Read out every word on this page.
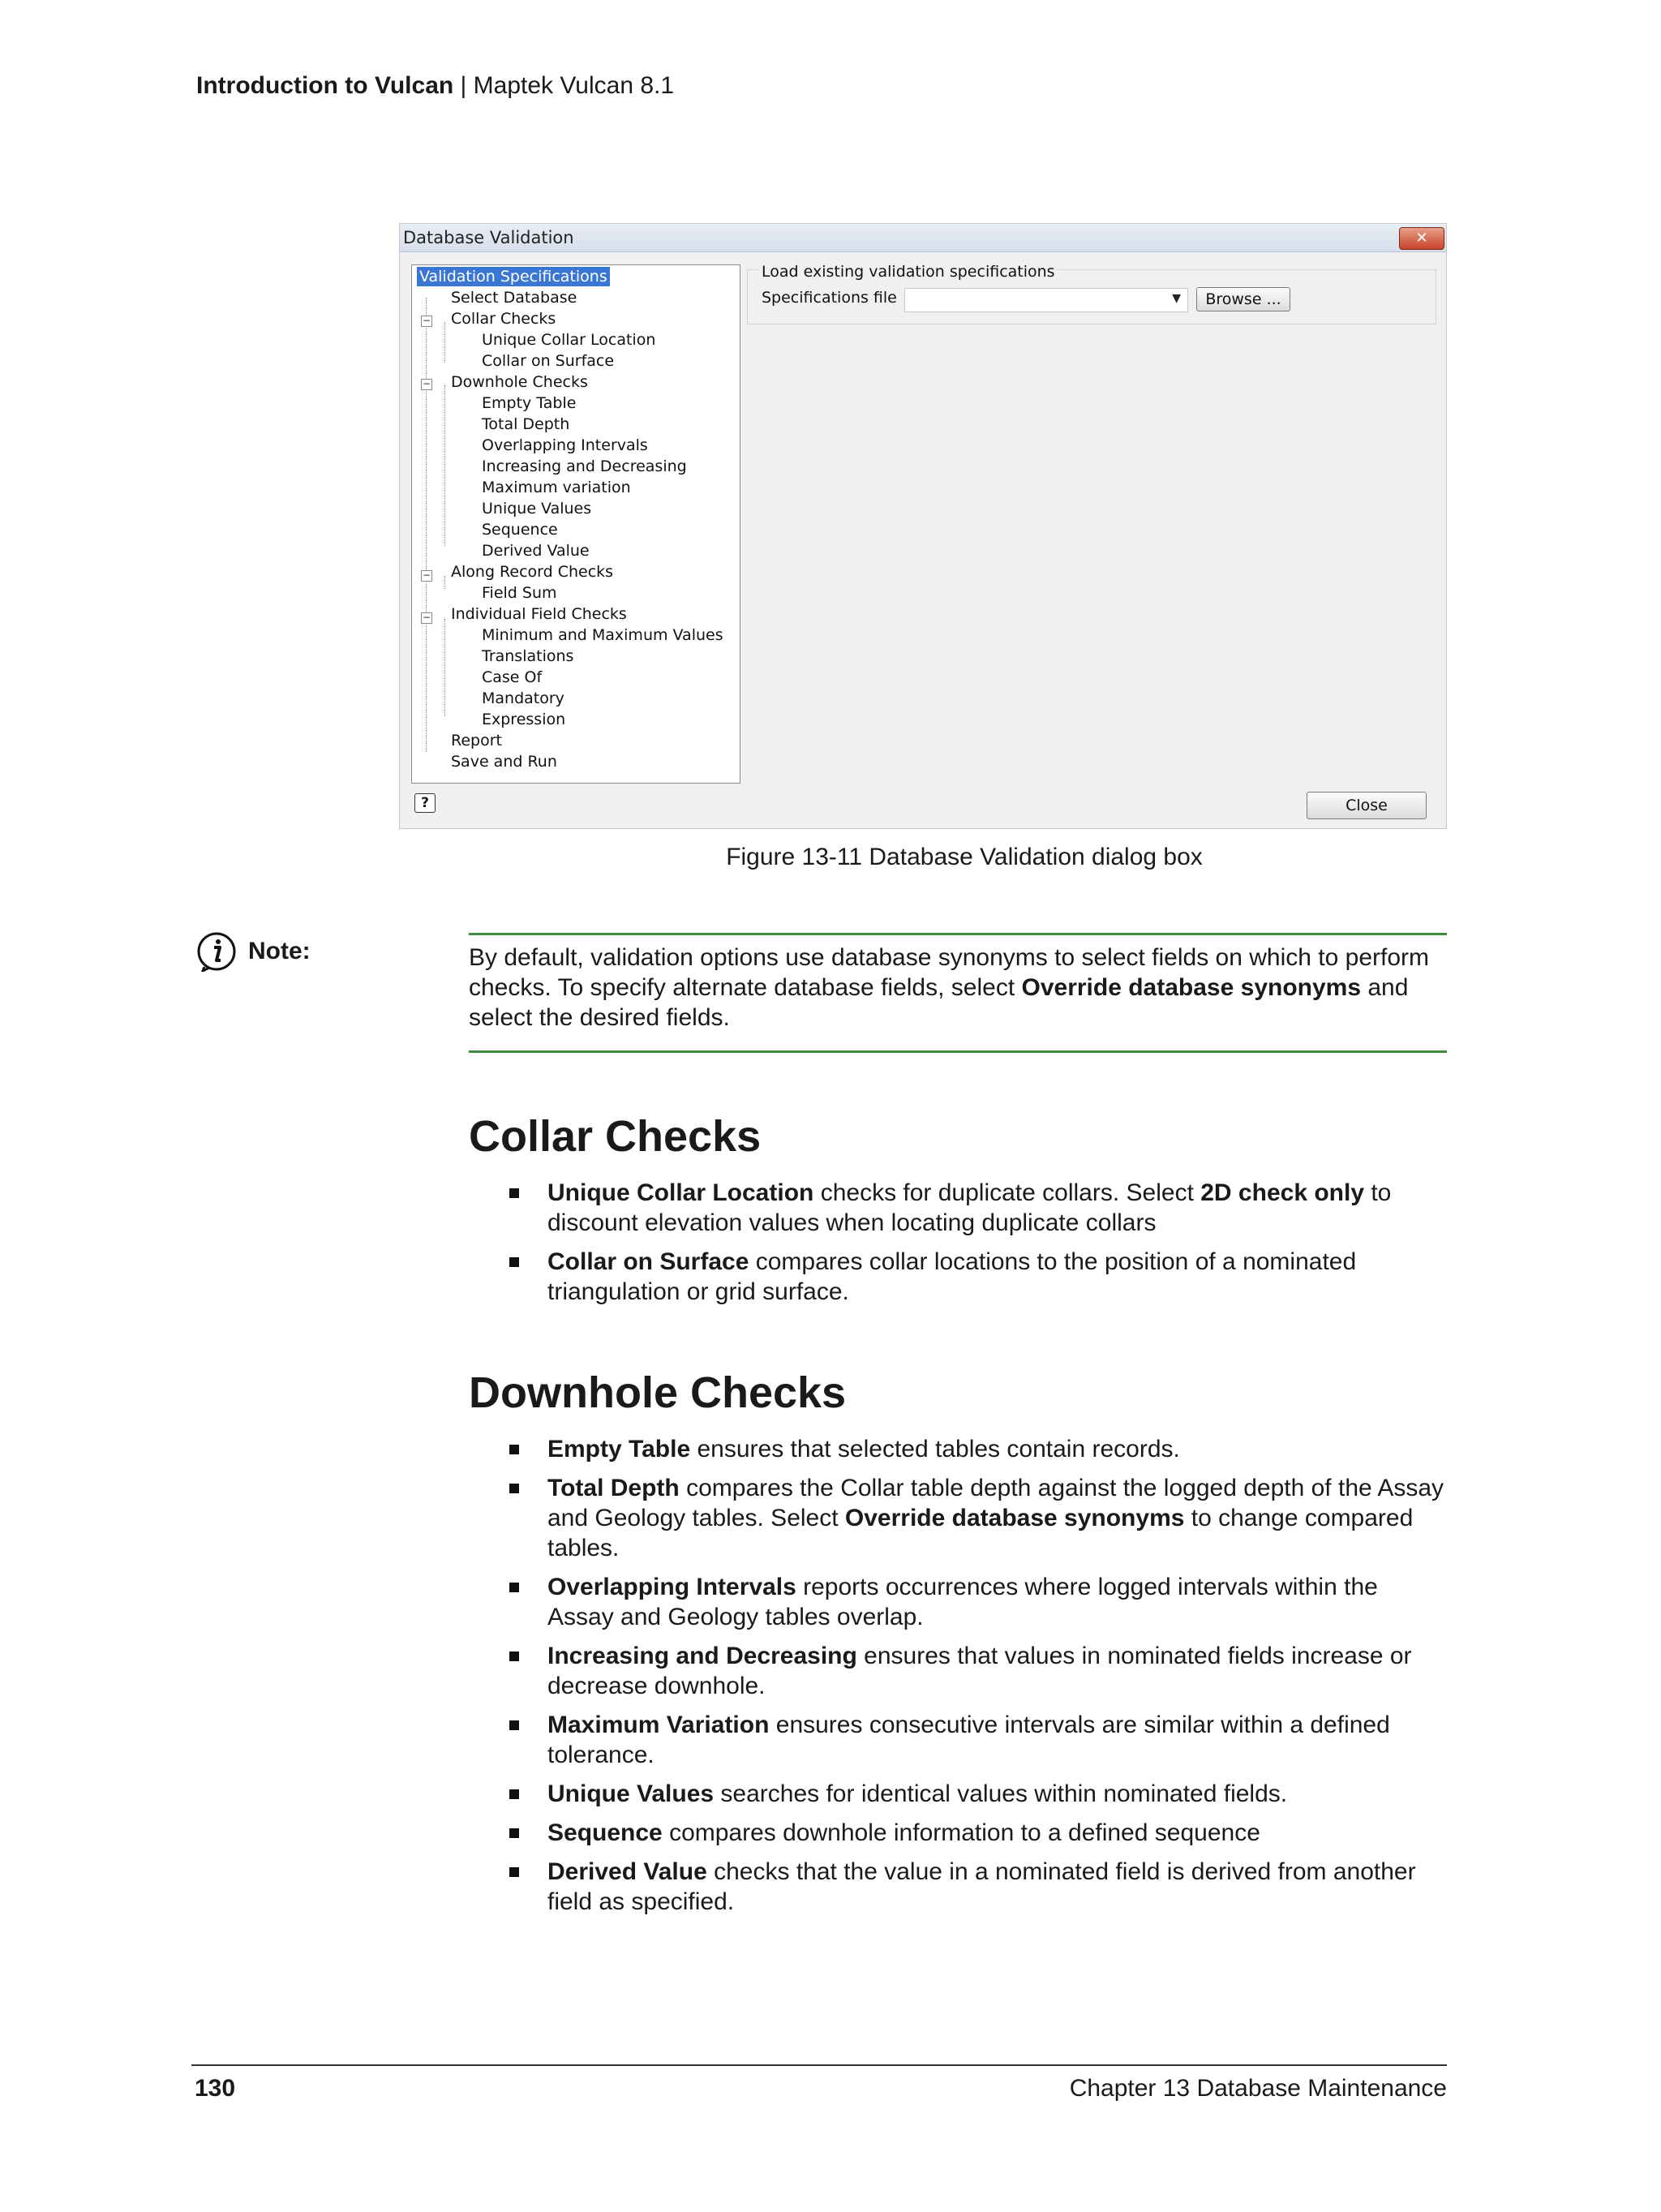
Introduction to Vulcan | Maptek Vulcan 8.1
Database Validation	✕
−
−
−
−
Validation Specifications
Select Database
Collar Checks
Unique Collar Location
Collar on Surface
Downhole Checks
Empty Table
Total Depth
Overlapping Intervals
Increasing and Decreasing
Maximum variation
Unique Values
Sequence
Derived Value
Along Record Checks
Field Sum
Individual Field Checks
Minimum and Maximum Values
Translations
Case Of
Mandatory
Expression
Report
Save and Run
Load existing validation specifications
Specifications file	▼	Browse ...
?	Close
Figure 13-11 Database Validation dialog box
Note:	By default, validation options use database synonyms to select fields on which to perform checks. To specify alternate database fields, select Override database synonyms and select the desired fields.
Collar Checks
Unique Collar Location checks for duplicate collars. Select 2D check only to discount elevation values when locating duplicate collars
Collar on Surface compares collar locations to the position of a nominated triangulation or grid surface.
Downhole Checks
Empty Table ensures that selected tables contain records.
Total Depth compares the Collar table depth against the logged depth of the Assay and Geology tables. Select Override database synonyms to change compared tables.
Overlapping Intervals reports occurrences where logged intervals within the Assay and Geology tables overlap.
Increasing and Decreasing ensures that values in nominated fields increase or decrease downhole.
Maximum Variation ensures consecutive intervals are similar within a defined tolerance.
Unique Values searches for identical values within nominated fields.
Sequence compares downhole information to a defined sequence
Derived Value checks that the value in a nominated field is derived from another field as specified.
130	Chapter 13 Database Maintenance
